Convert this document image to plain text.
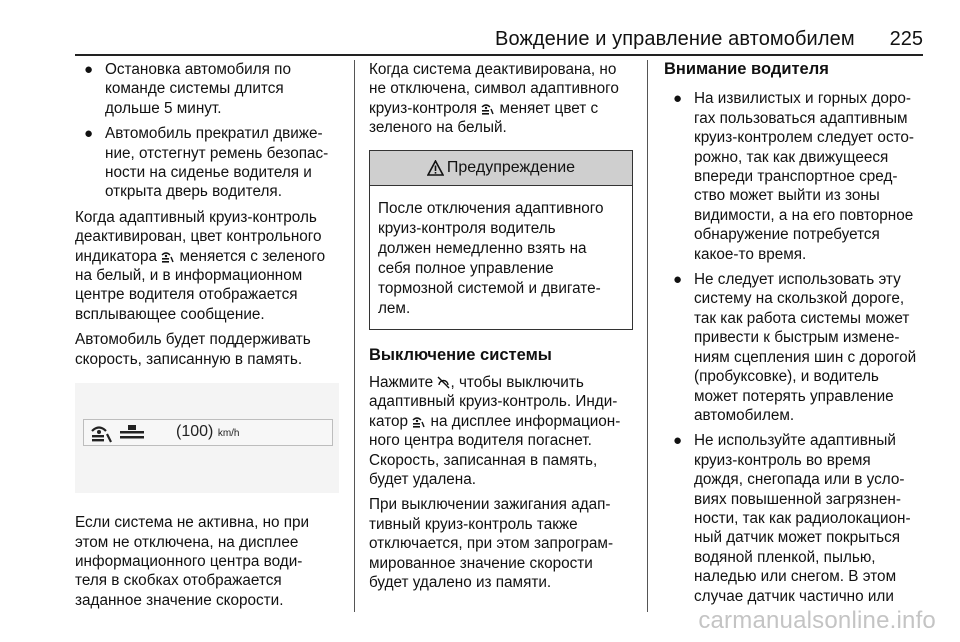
Вождение и управление автомобилем 225
● Остановка автомобиля по
команде системы длится
дольше 5 минут.
● Автомобиль прекратил движе-
ние, отстегнут ремень безопас-
ности на сиденье водителя и
открыта дверь водителя.
Когда адаптивный круиз-контроль
деактивирован, цвет контрольного
индикатора  меняется с зеленого
на белый, и в информационном
центре водителя отображается
всплывающее сообщение.
Автомобиль будет поддерживать
скорость, записанную в память.
(100) km/h
Если система не активна, но при
этом не отключена, на дисплее
информационного центра води-
теля в скобках отображается
заданное значение скорости.
Когда система деактивирована, но
не отключена, символ адаптивного
круиз-контроля  меняет цвет с
зеленого на белый.
Предупреждение
После отключения адаптивного
круиз-контроля водитель
должен немедленно взять на
себя полное управление
тормозной системой и двигате-
лем.
Выключение системы
Нажмите , чтобы выключить
адаптивный круиз-контроль. Инди-
катор  на дисплее информацион-
ного центра водителя погаснет.
Скорость, записанная в память,
будет удалена.
При выключении зажигания адап-
тивный круиз-контроль также
отключается, при этом запрограм-
мированное значение скорости
будет удалено из памяти.
Внимание водителя
● На извилистых и горных доро-
гах пользоваться адаптивным
круиз-контролем следует осто-
рожно, так как движущееся
впереди транспортное сред-
ство может выйти из зоны
видимости, а на его повторное
обнаружение потребуется
какое-то время.
● Не следует использовать эту
систему на скользкой дороге,
так как работа системы может
привести к быстрым измене-
ниям сцепления шин с дорогой
(пробуксовке), и водитель
может потерять управление
автомобилем.
● Не используйте адаптивный
круиз-контроль во время
дождя, снегопада или в усло-
виях повышенной загрязнен-
ности, так как радиолокацион-
ный датчик может покрыться
водяной пленкой, пылью,
наледью или снегом. В этом
случае датчик частично или
carmanualsonline.info
